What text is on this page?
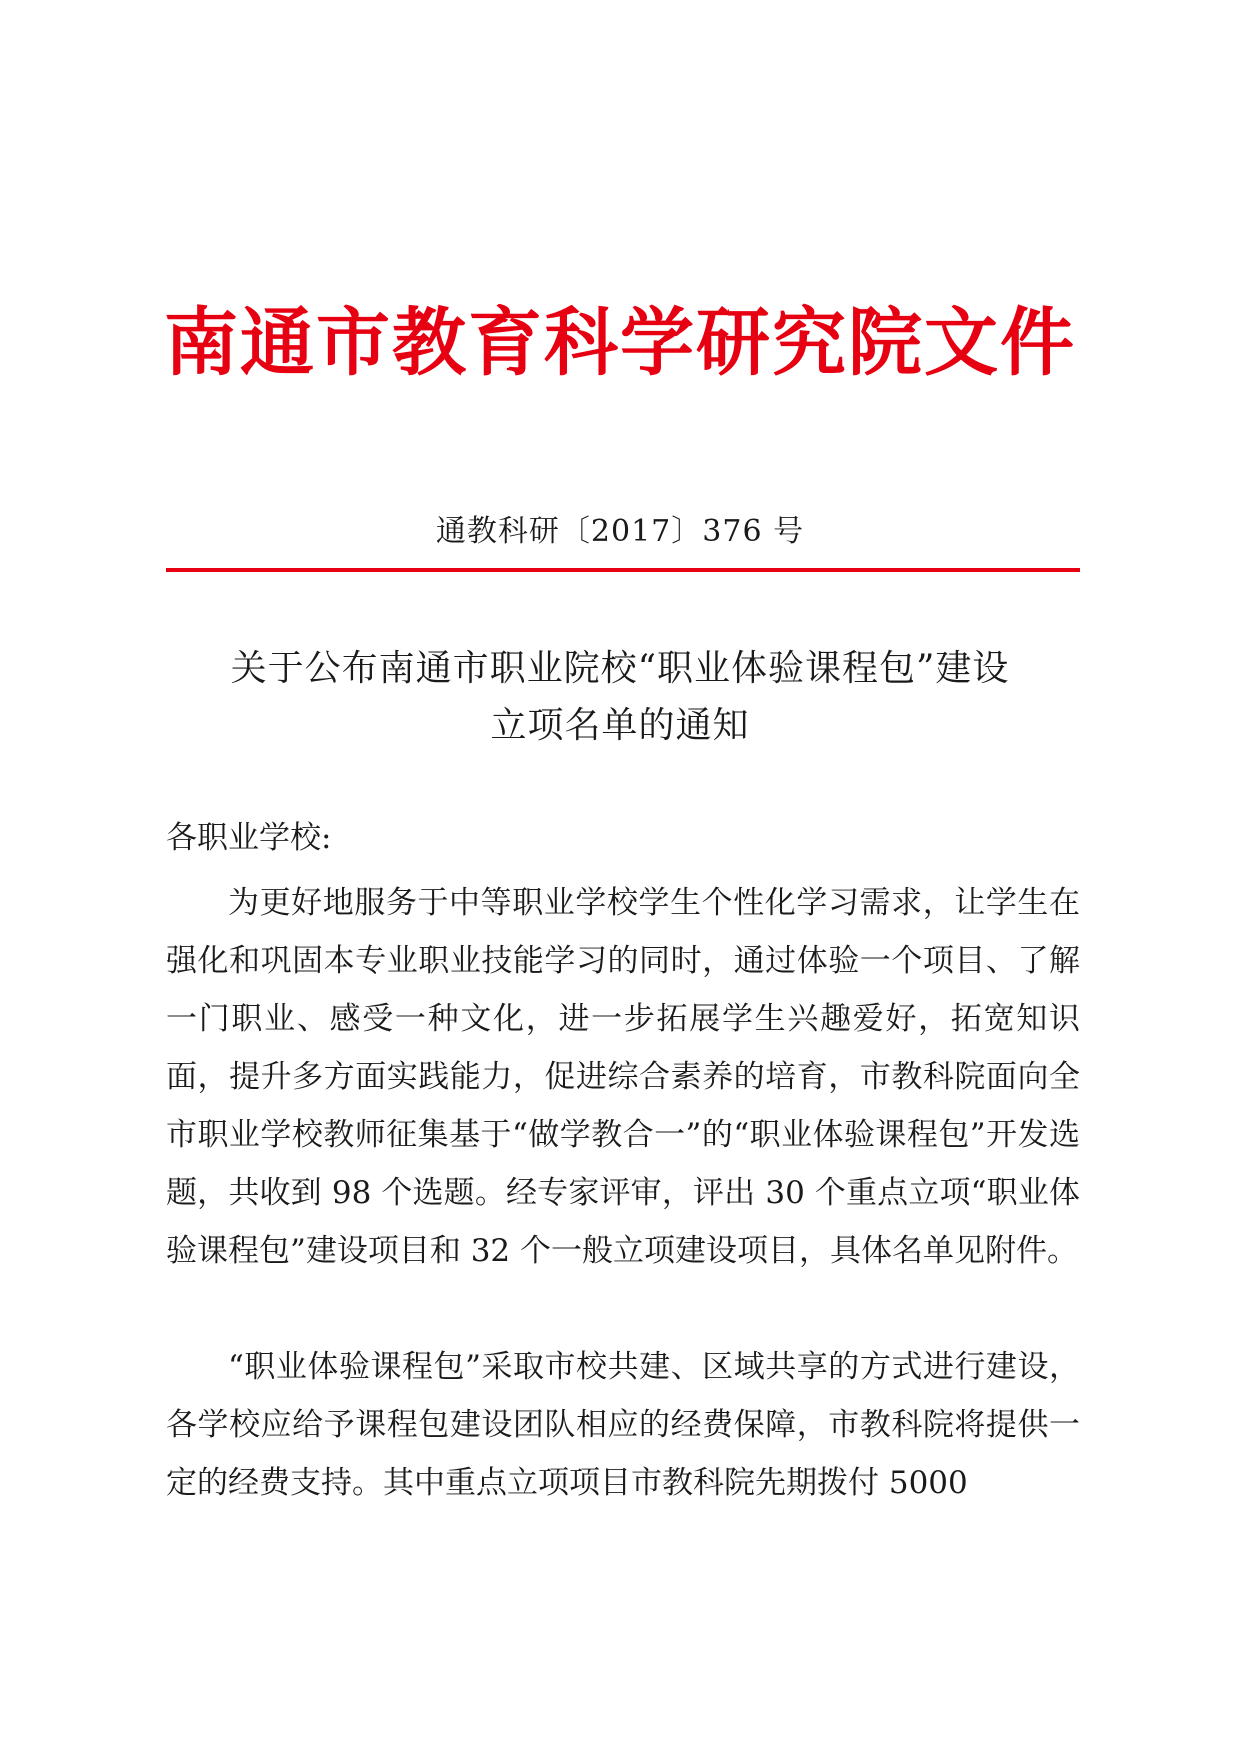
南通市教育科学研究院文件
通教科研〔2017〕376 号
关于公布南通市职业院校“职业体验课程包”建设
立项名单的通知
各职业学校:

为更好地服务于中等职业学校学生个性化学习需求，让学生在强化和巩固本专业职业技能学习的同时，通过体验一个项目、了解一门职业、感受一种文化，进一步拓展学生兴趣爱好，拓宽知识面，提升多方面实践能力，促进综合素养的培育，市教科院面向全市职业学校教师征集基于“做学教合一”的“职业体验课程包”开发选题，共收到 98 个选题。经专家评审，评出 30 个重点立项“职业体验课程包”建设项目和 32 个一般立项建设项目，具体名单见附件。

“职业体验课程包”采取市校共建、区域共享的方式进行建设，各学校应给予课程包建设团队相应的经费保障，市教科院将提供一定的经费支持。其中重点立项项目市教科院先期拨付 5000
